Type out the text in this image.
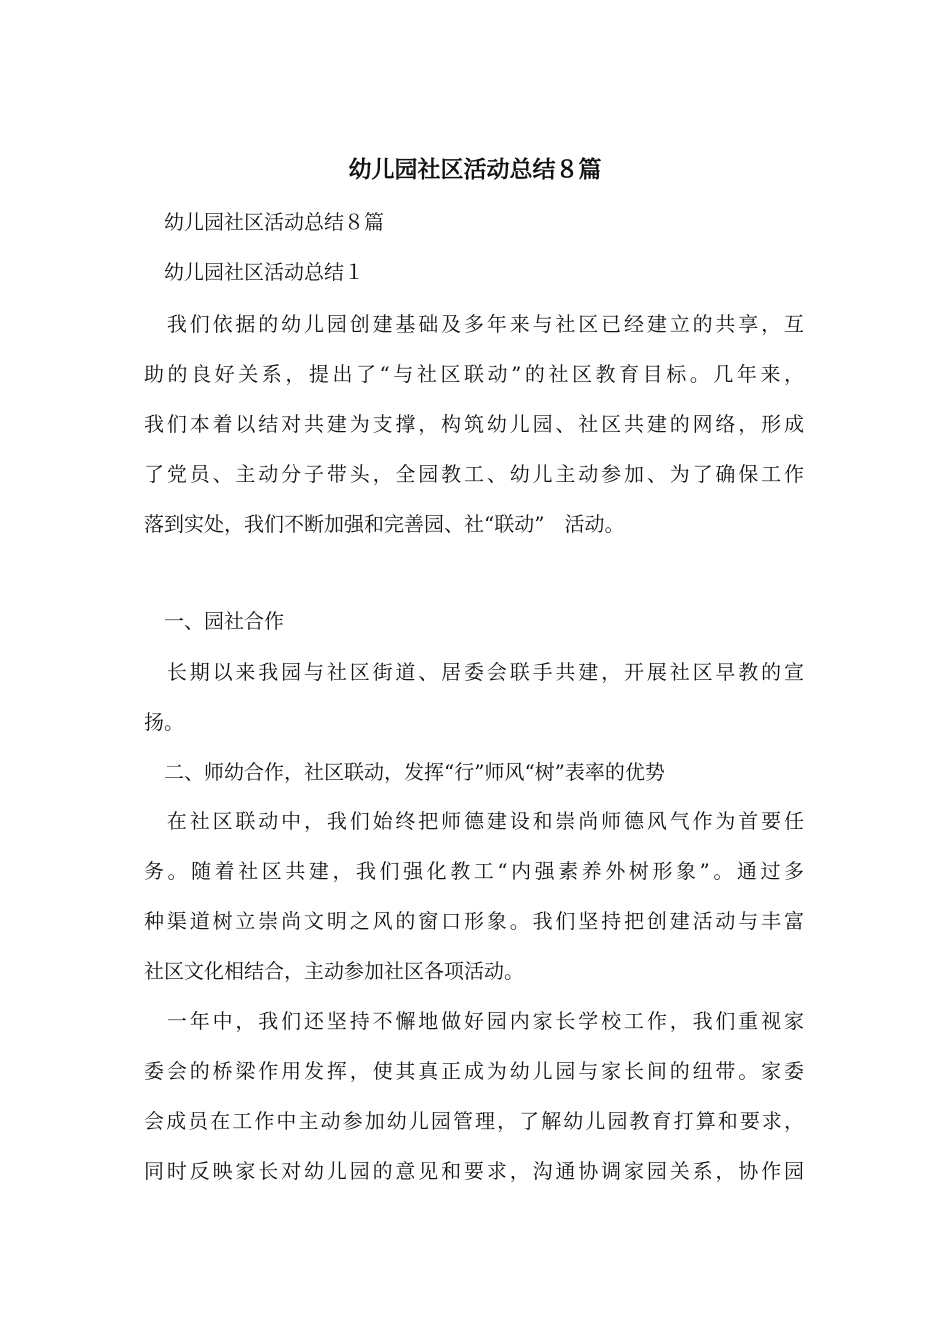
幼儿园社区活动总结８篇
　幼儿园社区活动总结８篇
　幼儿园社区活动总结１
　我们依据的幼儿园创建基础及多年来与社区已经建立的共享，互
助的良好关系，提出了“与社区联动”的社区教育目标。几年来，
我们本着以结对共建为支撑，构筑幼儿园、社区共建的网络，形成
了党员、主动分子带头，全园教工、幼儿主动参加、为了确保工作
落到实处，我们不断加强和完善园、社“联动”　活动。
　一、园社合作
　长期以来我园与社区街道、居委会联手共建，开展社区早教的宣
扬。
　二、师幼合作，社区联动，发挥“行”师风“树”表率的优势
　在社区联动中，我们始终把师德建设和崇尚师德风气作为首要任
务。随着社区共建，我们强化教工“内强素养外树形象”。通过多
种渠道树立崇尚文明之风的窗口形象。我们坚持把创建活动与丰富
社区文化相结合，主动参加社区各项活动。
　一年中，我们还坚持不懈地做好园内家长学校工作，我们重视家
委会的桥梁作用发挥，使其真正成为幼儿园与家长间的纽带。家委
会成员在工作中主动参加幼儿园管理，了解幼儿园教育打算和要求，
同时反映家长对幼儿园的意见和要求，沟通协调家园关系，协作园
